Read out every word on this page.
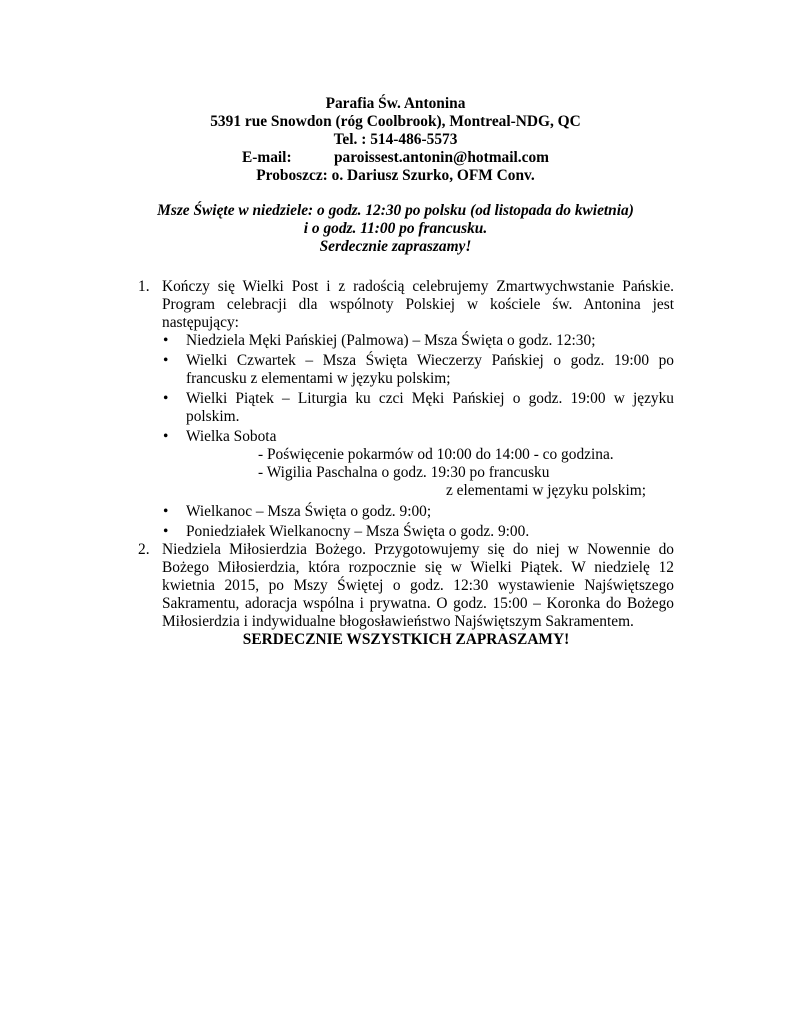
Parafia Św. Antonina
5391 rue Snowdon (róg Coolbrook), Montreal-NDG, QC
Tel. : 514-486-5573
E-mail:	paroissest.antonin@hotmail.com
Proboszcz: o. Dariusz Szurko, OFM Conv.
Msze Święte w niedziele: o godz. 12:30 po polsku (od listopada do kwietnia)
i o godz. 11:00 po francusku.
Serdecznie zapraszamy!
1. Kończy się Wielki Post i z radością celebrujemy Zmartwychwstanie Pańskie.
Program celebracji dla wspólnoty Polskiej w kościele św. Antonina jest
następujący:
• Niedziela Męki Pańskiej (Palmowa) – Msza Święta o godz. 12:30;
• Wielki Czwartek – Msza Święta Wieczerzy Pańskiej o godz. 19:00 po
francusku z elementami w języku polskim;
• Wielki Piątek – Liturgia ku czci Męki Pańskiej o godz. 19:00 w języku
polskim.
• Wielka Sobota
- Poświęcenie pokarmów od 10:00 do 14:00 - co godzina.
- Wigilia Paschalna o godz. 19:30 po francusku
z elementami w języku polskim;
• Wielkanoc – Msza Święta o godz. 9:00;
• Poniedziałek Wielkanocny – Msza Święta o godz. 9:00.
2. Niedziela Miłosierdzia Bożego. Przygotowujemy się do niej w Nowennie do
Bożego Miłosierdzia, która rozpocznie się w Wielki Piątek. W niedzielę 12
kwietnia 2015, po Mszy Świętej o godz. 12:30 wystawienie Najświętszego
Sakramentu, adoracja wspólna i prywatna. O godz. 15:00 – Koronka do Bożego
Miłosierdzia i indywidualne błogosławieństwo Najświętszym Sakramentem.
SERDECZNIE WSZYSTKICH ZAPRASZAMY!
